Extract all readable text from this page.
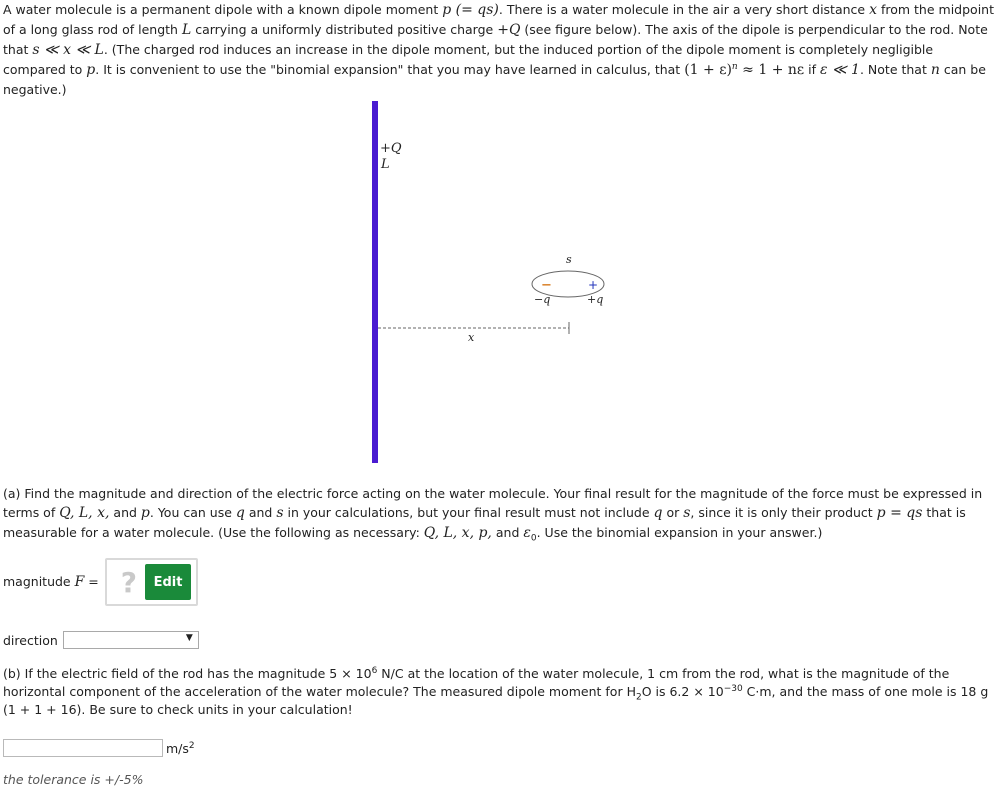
A water molecule is a permanent dipole with a known dipole moment p (= qs). There is a water molecule in the air a very short distance x from the midpoint of a long glass rod of length L carrying a uniformly distributed positive charge +Q (see figure below). The axis of the dipole is perpendicular to the rod. Note that s ≪ x ≪ L. (The charged rod induces an increase in the dipole moment, but the induced portion of the dipole moment is completely negligible compared to p. It is convenient to use the "binomial expansion" that you may have learned in calculus, that $(1 + \varepsilon)^n \approx 1 + n\varepsilon$ if ε ≪ 1. Note that n can be negative.)
+Q
L
s
−	+
−q	+q
x
(a) Find the magnitude and direction of the electric force acting on the water molecule. Your final result for the magnitude of the force must be expressed in terms of Q, L, x, and p. You can use q and s in your calculations, but your final result must not include q or s, since it is only their product p = qs that is measurable for a water molecule. (Use the following as necessary: Q, L, x, p, and $\varepsilon_0$. Use the binomial expansion in your answer.)
magnitude F = ?	Edit
direction	▼
(b) If the electric field of the rod has the magnitude $5 \times 10^6$ N/C at the location of the water molecule, 1 cm from the rod, what is the magnitude of the horizontal component of the acceleration of the water molecule? The measured dipole moment for $H_2O$ is $6.2 \times 10^{-30}$ C·m, and the mass of one mole is 18 g (1 + 1 + 16). Be sure to check units in your calculation!
$m/s^2$
the tolerance is +/-5%
